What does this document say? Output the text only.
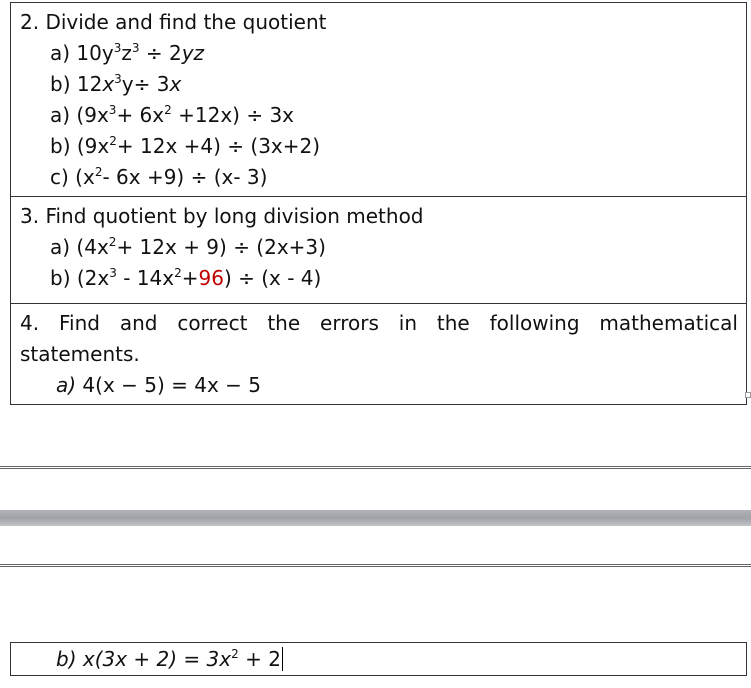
2. Divide and find the quotient
a) $10y^3z^3 \div 2yz$
b) $12x^3y\div 3x$
a) $(9x^3+ 6x^2 +12x) \div 3x$
b) $(9x^2+ 12x +4) \div (3x+2)$
c) ($x^2-$ 6x +9) ÷ (x- 3)
3. Find quotient by long division method
a) $(4x^2+ 12x + 9) \div (2x+3)$
b) $(2x^3 - 14x^2+96) \div (x - 4)$
4. Find and correct the errors in the following mathematical
statements.
a) 4(x − 5) = 4x − 5
b) $x(3x + 2) = 3x^2 + 2$
